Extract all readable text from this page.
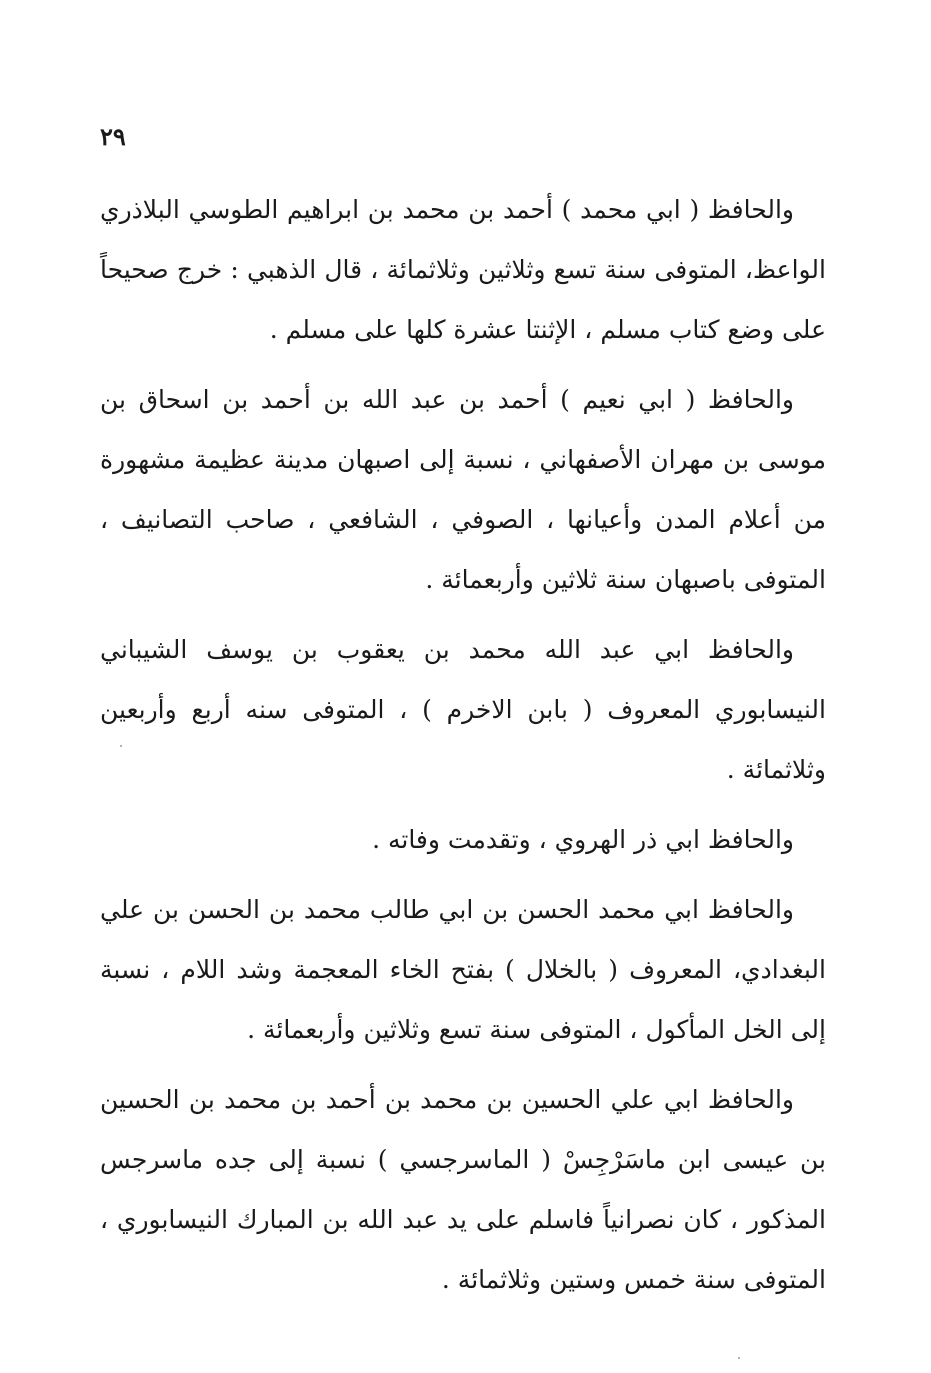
٢٩

والحافظ ( ابي محمد ) أحمد بن محمد بن ابراهيم الطوسي البلاذري الواعظ، المتوفى سنة تسع وثلاثين وثلاثمائة ، قال الذهبي : خرج صحيحاً على وضع كتاب مسلم ، الإثنتا عشرة كلها على مسلم .

والحافظ ( ابي نعيم ) أحمد بن عبد الله بن أحمد بن اسحاق بن موسى بن مهران الأصفهاني ، نسبة إلى اصبهان مدينة عظيمة مشهورة من أعلام المدن وأعيانها ، الصوفي ، الشافعي ، صاحب التصانيف ، المتوفى باصبهان سنة ثلاثين وأربعمائة .

والحافظ ابي عبد الله محمد بن يعقوب بن يوسف الشيباني النيسابوري المعروف ( بابن الاخرم ) ، المتوفى سنه أربع وأربعين وثلاثمائة .

والحافظ ابي ذر الهروي ، وتقدمت وفاته .

والحافظ ابي محمد الحسن بن ابي طالب محمد بن الحسن بن علي البغدادي، المعروف ( بالخلال ) بفتح الخاء المعجمة وشد اللام ، نسبة إلى الخل المأكول ، المتوفى سنة تسع وثلاثين وأربعمائة .

والحافظ ابي علي الحسين بن محمد بن أحمد بن محمد بن الحسين بن عيسى ابن ماسَرْجِسْ ( الماسرجسي ) نسبة إلى جده ماسرجس المذكور ، كان نصرانياً فاسلم على يد عبد الله بن المبارك النيسابوري ، المتوفى سنة خمس وستين وثلاثمائة .
